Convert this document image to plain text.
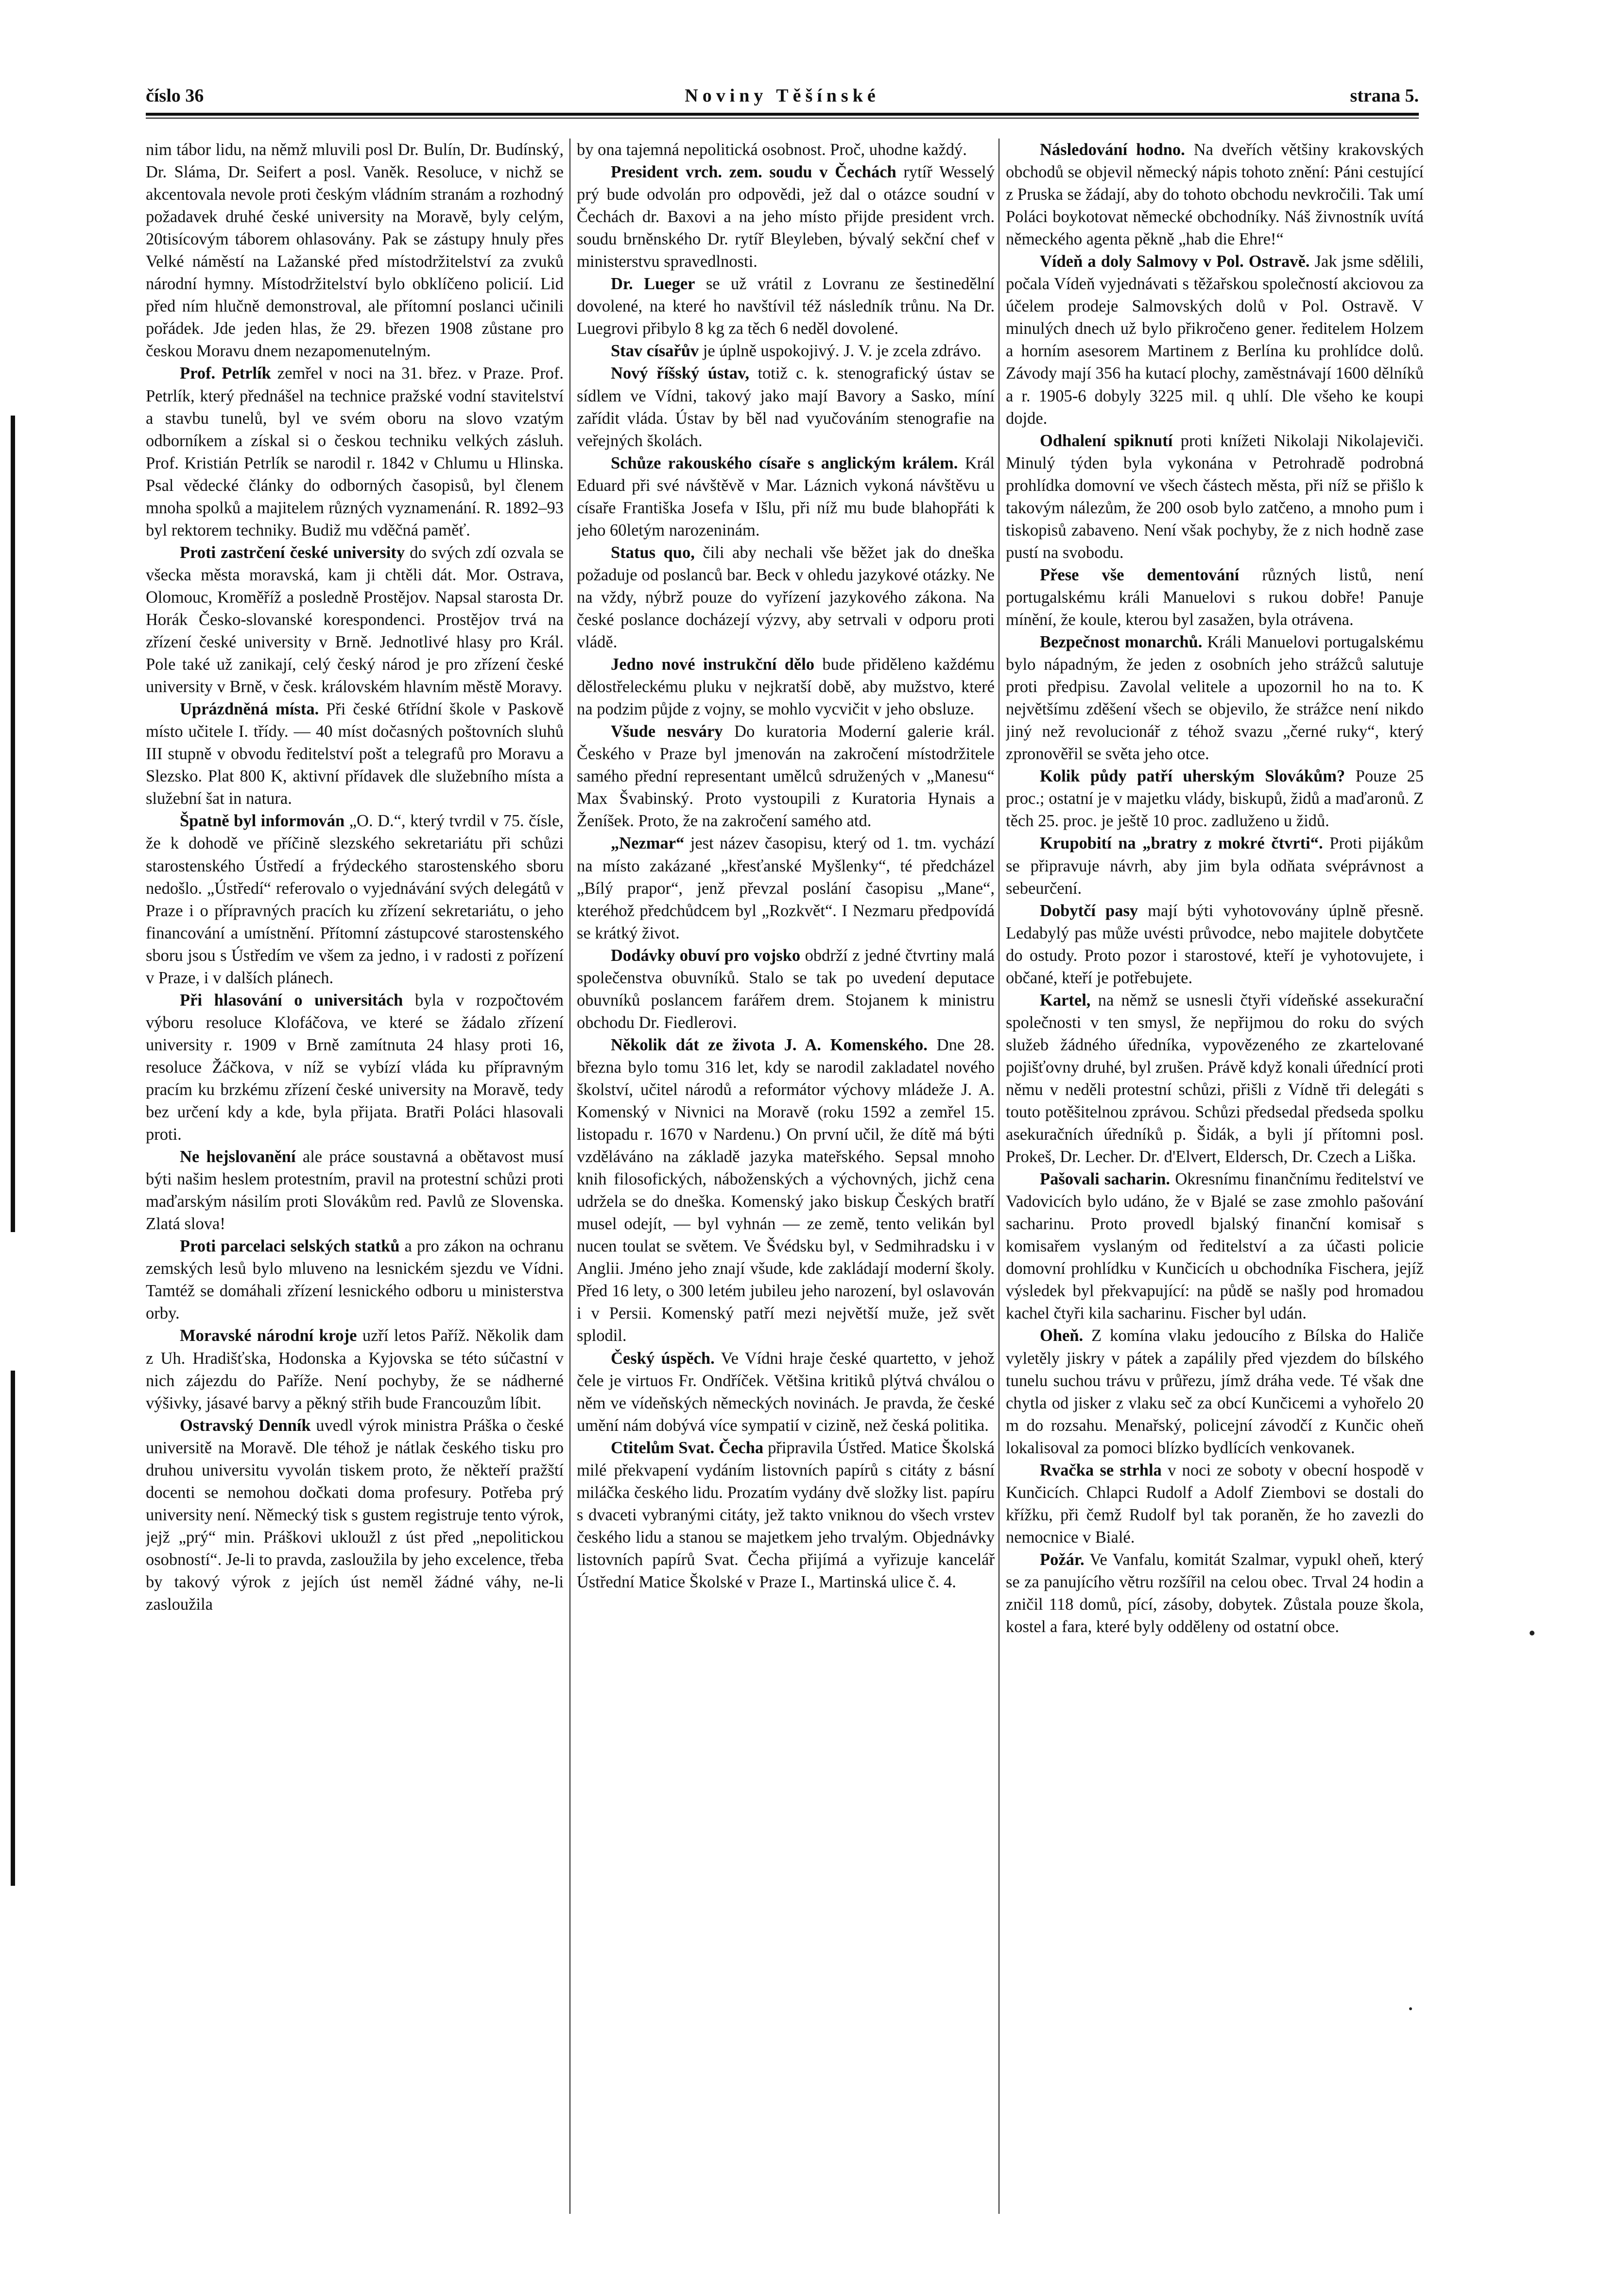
číslo 36	Noviny Těšínské	strana 5.

nim tábor lidu, na němž mluvili posl Dr. Bulín, Dr. Budínský, Dr. Sláma, Dr. Seifert a posl. Vaněk. Resoluce, v nichž se akcentovala nevole proti českým vládním stranám a rozhodný požadavek druhé české university na Moravě, byly celým, 20tisícovým táborem ohlasovány. Pak se zástupy hnuly přes Velké náměstí na Lažanské před místodržitelství za zvuků národní hymny. Místodržitelství bylo obklíčeno policií. Lid před ním hlučně demonstroval, ale přítomní poslanci učinili pořádek. Jde jeden hlas, že 29. březen 1908 zůstane pro českou Moravu dnem nezapomenutelným.

Prof. Petrlík zemřel v noci na 31. břez. v Praze. Prof. Petrlík, který přednášel na technice pražské vodní stavitelství a stavbu tunelů, byl ve svém oboru na slovo vzatým odborníkem a získal si o českou techniku velkých zásluh. Prof. Kristián Petrlík se narodil r. 1842 v Chlumu u Hlinska. Psal vědecké články do odborných časopisů, byl členem mnoha spolků a majitelem různých vyznamenání. R. 1892–93 byl rektorem techniky. Budiž mu vděčná paměť.

Proti zastrčení české university do svých zdí ozvala se všecka města moravská, kam ji chtěli dát. Mor. Ostrava, Olomouc, Kroměříž a posledně Prostějov. Napsal starosta Dr. Horák Česko-slovanské korespondenci. Prostějov trvá na zřízení české university v Brně. Jednotlivé hlasy pro Král. Pole také už zanikají, celý český národ je pro zřízení české university v Brně, v česk. královském hlavním městě Moravy.

Uprázdněná místa. Při české 6třídní škole v Paskově místo učitele I. třídy. — 40 míst dočasných poštovních sluhů III stupně v obvodu ředitelství pošt a telegrafů pro Moravu a Slezsko. Plat 800 K, aktivní přídavek dle služebního místa a služební šat in natura.

Špatně byl informován „O. D.“, který tvrdil v 75. čísle, že k dohodě ve příčině slezského sekretariátu při schůzi starostenského Ústředí a frýdeckého starostenského sboru nedošlo. „Ústředí“ referovalo o vyjednávání svých delegátů v Praze i o přípravných pracích ku zřízení sekretariátu, o jeho financování a umístnění. Přítomní zástupcové starostenského sboru jsou s Ústředím ve všem za jedno, i v radosti z pořízení v Praze, i v dalších plánech.

Při hlasování o universitách byla v rozpočtovém výboru resoluce Klofáčova, ve které se žádalo zřízení university r. 1909 v Brně zamítnuta 24 hlasy proti 16, resoluce Žáčkova, v níž se vybízí vláda ku přípravným pracím ku brzkému zřízení české university na Moravě, tedy bez určení kdy a kde, byla přijata. Bratři Poláci hlasovali proti.

Ne hejslovanění ale práce soustavná a obětavost musí býti našim heslem protestním, pravil na protestní schůzi proti maďarským násilím proti Slovákům red. Pavlů ze Slovenska. Zlatá slova!

Proti parcelaci selských statků a pro zákon na ochranu zemských lesů bylo mluveno na lesnickém sjezdu ve Vídni. Tamtéž se domáhali zřízení lesnického odboru u ministerstva orby.

Moravské národní kroje uzří letos Paříž. Několik dam z Uh. Hradišťska, Hodonska a Kyjovska se této súčastní v nich zájezdu do Paříže. Není pochyby, že se nádherné výšivky, jásavé barvy a pěkný střih bude Francouzům líbit.

Ostravský Denník uvedl výrok ministra Práška o české universitě na Moravě. Dle téhož je nátlak českého tisku pro druhou universitu vyvolán tiskem proto, že někteří pražští docenti se nemohou dočkati doma profesury. Potřeba prý university není. Německý tisk s gustem registruje tento výrok, jejž „prý“ min. Práškovi ukloužl z úst před „nepolitickou osobností“. Je-li to pravda, zasloužila by jeho excelence, třeba by takový výrok z jejích úst neměl žádné váhy, ne-li zasloužila

by ona tajemná nepolitická osobnost. Proč, uhodne každý.

President vrch. zem. soudu v Čechách rytíř Wesselý prý bude odvolán pro odpovědi, jež dal o otázce soudní v Čechách dr. Baxovi a na jeho místo přijde president vrch. soudu brněnského Dr. rytíř Bleyleben, bývalý sekční chef v ministerstvu spravedlnosti.

Dr. Lueger se už vrátil z Lovranu ze šestinedělní dovolené, na které ho navštívil též následník trůnu. Na Dr. Luegrovi přibylo 8 kg za těch 6 neděl dovolené.

Stav císařův je úplně uspokojivý. J. V. je zcela zdrávo.

Nový říšský ústav, totiž c. k. stenografický ústav se sídlem ve Vídni, takový jako mají Bavory a Sasko, míní zařídit vláda. Ústav by běl nad vyučováním stenografie na veřejných školách.

Schůze rakouského císaře s anglickým králem. Král Eduard při své návštěvě v Mar. Láznich vykoná návštěvu u císaře Františka Josefa v Išlu, při níž mu bude blahopřáti k jeho 60letým narozeninám.

Status quo, čili aby nechali vše běžet jak do dneška požaduje od poslanců bar. Beck v ohledu jazykové otázky. Ne na vždy, nýbrž pouze do vyřízení jazykového zákona. Na české poslance docházejí výzvy, aby setrvali v odporu proti vládě.

Jedno nové instrukční dělo bude přiděleno každému dělostřeleckému pluku v nejkratší době, aby mužstvo, které na podzim půjde z vojny, se mohlo vycvičit v jeho obsluze.

Všude nesváry Do kuratoria Moderní galerie král. Českého v Praze byl jmenován na zakročení místodržitele samého přední representant umělců sdružených v „Manesu“ Max Švabinský. Proto vystoupili z Kuratoria Hynais a Ženíšek. Proto, že na zakročení samého atd.

„Nezmar“ jest název časopisu, který od 1. tm. vychází na místo zakázané „křesťanské Myšlenky“, té předcházel „Bílý prapor“, jenž převzal poslání časopisu „Mane“, kteréhož předchůdcem byl „Rozkvět“. I Nezmaru předpovídá se krátký život.

Dodávky obuví pro vojsko obdrží z jedné čtvrtiny malá společenstva obuvníků. Stalo se tak po uvedení deputace obuvníků poslancem farářem drem. Stojanem k ministru obchodu Dr. Fiedlerovi.

Několik dát ze života J. A. Komenského. Dne 28. března bylo tomu 316 let, kdy se narodil zakladatel nového školství, učitel národů a reformátor výchovy mládeže J. A. Komenský v Nivnici na Moravě (roku 1592 a zemřel 15. listopadu r. 1670 v Nardenu.) On první učil, že dítě má býti vzděláváno na základě jazyka mateřského. Sepsal mnoho knih filosofických, náboženských a výchovných, jichž cena udržela se do dneška. Komenský jako biskup Českých bratří musel odejít, — byl vyhnán — ze země, tento velikán byl nucen toulat se světem. Ve Švédsku byl, v Sedmihradsku i v Anglii. Jméno jeho znají všude, kde zakládají moderní školy. Před 16 lety, o 300 letém jubileu jeho narození, byl oslavován i v Persii. Komenský patří mezi největší muže, jež svět splodil.

Český úspěch. Ve Vídni hraje české quartetto, v jehož čele je virtuos Fr. Ondříček. Většina kritiků plýtvá chválou o něm ve vídeňských německých novinách. Je pravda, že české umění nám dobývá více sympatií v cizině, než česká politika.

Ctitelům Svat. Čecha připravila Ústřed. Matice Školská milé překvapení vydáním listovních papírů s citáty z básní miláčka českého lidu. Prozatím vydány dvě složky list. papíru s dvaceti vybranými citáty, jež takto vniknou do všech vrstev českého lidu a stanou se majetkem jeho trvalým. Objednávky listovních papírů Svat. Čecha přijímá a vyřizuje kancelář Ústřední Matice Školské v Praze I., Martinská ulice č. 4.

Následování hodno. Na dveřích většiny krakovských obchodů se objevil německý nápis tohoto znění: Páni cestující z Pruska se žádají, aby do tohoto obchodu nevkročili. Tak umí Poláci boykotovat německé obchodníky. Náš živnostník uvítá německého agenta pěkně „hab die Ehre!“

Vídeň a doly Salmovy v Pol. Ostravě. Jak jsme sdělili, počala Vídeň vyjednávati s těžařskou společností akciovou za účelem prodeje Salmovských dolů v Pol. Ostravě. V minulých dnech už bylo přikročeno gener. ředitelem Holzem a horním asesorem Martinem z Berlína ku prohlídce dolů. Závody mají 356 ha kutací plochy, zaměstnávají 1600 dělníků a r. 1905-6 dobyly 3225 mil. q uhlí. Dle všeho ke koupi dojde.

Odhalení spiknutí proti knížeti Nikolaji Nikolajeviči. Minulý týden byla vykonána v Petrohradě podrobná prohlídka domovní ve všech částech města, při níž se přišlo k takovým nálezům, že 200 osob bylo zatčeno, a mnoho pum i tiskopisů zabaveno. Není však pochyby, že z nich hodně zase pustí na svobodu.

Přese vše dementování různých listů, není portugalskému králi Manuelovi s rukou dobře! Panuje mínění, že koule, kterou byl zasažen, byla otrávena.

Bezpečnost monarchů. Králi Manuelovi portugalskému bylo nápadným, že jeden z osobních jeho strážců salutuje proti předpisu. Zavolal velitele a upozornil ho na to. K největšímu zděšení všech se objevilo, že strážce není nikdo jiný než revolucionář z téhož svazu „černé ruky“, který zpronověřil se světa jeho otce.

Kolik půdy patří uherským Slovákům? Pouze 25 proc.; ostatní je v majetku vlády, biskupů, židů a maďaronů. Z těch 25. proc. je ještě 10 proc. zadluženo u židů.

Krupobití na „bratry z mokré čtvrti“. Proti pijákům se připravuje návrh, aby jim byla odňata svéprávnost a sebeurčení.

Dobytčí pasy mají býti vyhotovovány úplně přesně. Ledabylý pas může uvésti průvodce, nebo majitele dobytčete do ostudy. Proto pozor i starostové, kteří je vyhotovujete, i občané, kteří je potřebujete.

Kartel, na němž se usnesli čtyři vídeňské assekurační společnosti v ten smysl, že nepřijmou do roku do svých služeb žádného úředníka, vypovězeného ze zkartelované pojišťovny druhé, byl zrušen. Právě když konali úřednící proti němu v neděli protestní schůzi, přišli z Vídně tři delegáti s touto potěšitelnou zprávou. Schůzi předsedal předseda spolku asekuračních úředníků p. Šidák, a byli jí přítomni posl. Prokeš, Dr. Lecher. Dr. d'Elvert, Eldersch, Dr. Czech a Liška.

Pašovali sacharin. Okresnímu finančnímu ředitelství ve Vadovicích bylo udáno, že v Bjalé se zase zmohlo pašování sacharinu. Proto provedl bjalský finanční komisař s komisařem vyslaným od ředitelství a za účasti policie domovní prohlídku v Kunčicích u obchodníka Fischera, jejíž výsledek byl překvapující: na půdě se našly pod hromadou kachel čtyři kila sacharinu. Fischer byl udán.

Oheň. Z komína vlaku jedoucího z Bílska do Haliče vyletěly jiskry v pátek a zapálily před vjezdem do bílského tunelu suchou trávu v průřezu, jímž dráha vede. Té však dne chytla od jisker z vlaku seč za obcí Kunčicemi a vyhořelo 20 m do rozsahu. Menařský, policejní závodčí z Kunčic oheň lokalisoval za pomoci blízko bydlících venkovanek.

Rvačka se strhla v noci ze soboty v obecní hospodě v Kunčicích. Chlapci Rudolf a Adolf Ziembovi se dostali do křížku, při čemž Rudolf byl tak poraněn, že ho zavezli do nemocnice v Bialé.

Požár. Ve Vanfalu, komitát Szalmar, vypukl oheň, který se za panujícího větru rozšířil na celou obec. Trval 24 hodin a zničil 118 domů, pící, zásoby, dobytek. Zůstala pouze škola, kostel a fara, které byly odděleny od ostatní obce.
